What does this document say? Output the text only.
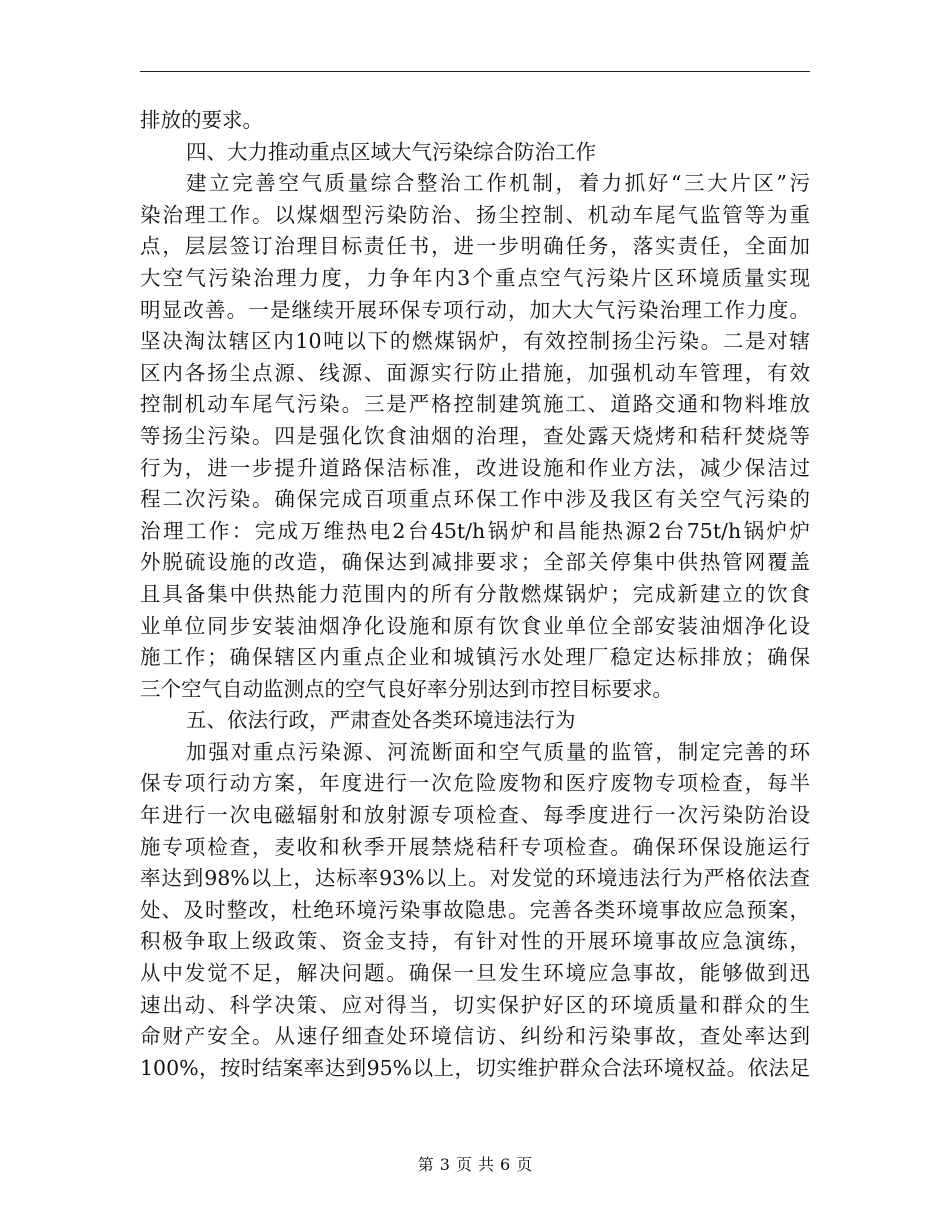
排放的要求。
四、大力推动重点区域大气污染综合防治工作
建立完善空气质量综合整治工作机制，着力抓好“三大片区”污
染治理工作。以煤烟型污染防治、扬尘控制、机动车尾气监管等为重
点，层层签订治理目标责任书，进一步明确任务，落实责任，全面加
大空气污染治理力度，力争年内3个重点空气污染片区环境质量实现
明显改善。一是继续开展环保专项行动，加大大气污染治理工作力度。
坚决淘汰辖区内10吨以下的燃煤锅炉，有效控制扬尘污染。二是对辖
区内各扬尘点源、线源、面源实行防止措施，加强机动车管理，有效
控制机动车尾气污染。三是严格控制建筑施工、道路交通和物料堆放
等扬尘污染。四是强化饮食油烟的治理，查处露天烧烤和秸秆焚烧等
行为，进一步提升道路保洁标准，改进设施和作业方法，减少保洁过
程二次污染。确保完成百项重点环保工作中涉及我区有关空气污染的
治理工作：完成万维热电2台45t/h锅炉和昌能热源2台75t/h锅炉炉
外脱硫设施的改造，确保达到减排要求；全部关停集中供热管网覆盖
且具备集中供热能力范围内的所有分散燃煤锅炉；完成新建立的饮食
业单位同步安装油烟净化设施和原有饮食业单位全部安装油烟净化设
施工作；确保辖区内重点企业和城镇污水处理厂稳定达标排放；确保
三个空气自动监测点的空气良好率分别达到市控目标要求。
五、依法行政，严肃查处各类环境违法行为
加强对重点污染源、河流断面和空气质量的监管，制定完善的环
保专项行动方案，年度进行一次危险废物和医疗废物专项检查，每半
年进行一次电磁辐射和放射源专项检查、每季度进行一次污染防治设
施专项检查，麦收和秋季开展禁烧秸秆专项检查。确保环保设施运行
率达到98%以上，达标率93%以上。对发觉的环境违法行为严格依法查
处、及时整改，杜绝环境污染事故隐患。完善各类环境事故应急预案，
积极争取上级政策、资金支持，有针对性的开展环境事故应急演练，
从中发觉不足，解决问题。确保一旦发生环境应急事故，能够做到迅
速出动、科学决策、应对得当，切实保护好区的环境质量和群众的生
命财产安全。从速仔细查处环境信访、纠纷和污染事故，查处率达到
100%，按时结案率达到95%以上，切实维护群众合法环境权益。依法足
第 3 页 共 6 页
